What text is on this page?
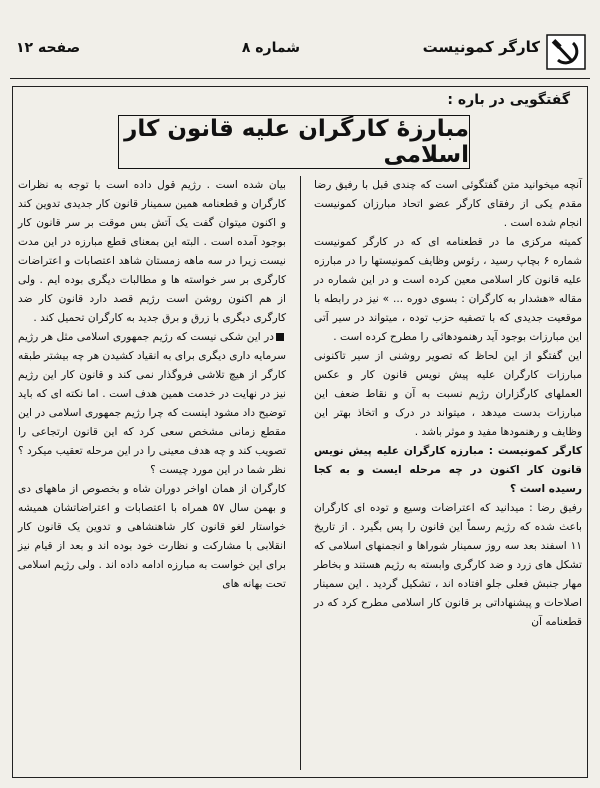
کارگر کمونیست
شماره ۸
صفحه ۱۲
گفتگویی در باره :
مبارزهٔ کارگران علیه قانون کار اسلامی

آنچه میخوانید متن گفتگوئی است که چندی قبل با رفیق رضا مقدم یکی از رفقای کارگر عضو اتحاد مبارزان کمونیست انجام شده است .

کمیته مرکزی ما در قطعنامه ای که در کارگر کمونیست شماره ۶ بچاپ رسید ، رئوس وظایف کمونیستها را در مبارزه علیه قانون کار اسلامی معین کرده است و در این شماره در مقاله «هشدار به کارگران : بسوی دوره ... » نیز در رابطه با موقعیت جدیدی که با تصفیه حزب توده ، میتواند در سیر آتی این مبارزات بوجود آید رهنمودهائی را مطرح کرده است .

این گفتگو از این لحاظ که تصویر روشنی از سیر تاکنونی مبارزات کارگران علیه پیش نویس قانون کار و عکس العملهای کارگزاران رژیم نسبت به آن و نقاط ضعف این مبارزات بدست میدهد ، میتواند در درک و اتخاذ بهتر این وظایف و رهنمودها مفید و موثر باشد .

کارگر کمونیست : مبارزه کارگران علیه پیش نویس قانون کار اکنون در چه مرحله ایست و به کجا رسیده است ؟

رفیق رضا : میدانید که اعتراضات وسیع و توده ای کارگران باعث شده که رژیم رسماً این قانون را پس بگیرد . از تاریخ ۱۱ اسفند بعد سه روز سمینار شوراها و انجمنهای اسلامی که تشکل های زرد و ضد کارگری وابسته به رژیم هستند و بخاطر مهار جنبش فعلی جلو افتاده اند ، تشکیل گردید . این سمینار اصلاحات و پیشنهاداتی بر قانون کار اسلامی مطرح کرد که در قطعنامه آن

بیان شده است . رژیم قول داده است با توجه به نظرات کارگران و قطعنامه همین سمینار قانون کار جدیدی تدوین کند و اکنون میتوان گفت یک آتش بس موقت بر سر قانون کار بوجود آمده است . البته این بمعنای قطع مبارزه در این مدت نیست زیرا در سه ماهه زمستان شاهد اعتصابات و اعتراضات کارگری بر سر خواسته ها و مطالبات دیگری بوده ایم . ولی از هم اکنون روشن است رژیم قصد دارد قانون کار ضد کارگری دیگری با زرق و برق جدید به کارگران تحمیل کند .

در این شکی نیست که رژیم جمهوری اسلامی مثل هر رژیم سرمایه داری دیگری برای به انقیاد کشیدن هر چه بیشتر طبقه کارگر از هیچ تلاشی فروگذار نمی کند و قانون کار این رژیم نیز در نهایت در خدمت همین هدف است . اما نکته ای که باید توضیح داد مشود اینست که چرا رژیم جمهوری اسلامی در این مقطع زمانی مشخص سعی کرد که این قانون ارتجاعی را تصویب کند و چه هدف معینی را در این مرحله تعقیب میکرد ؟ نظر شما در این مورد چیست ؟

کارگران از همان اواخر دوران شاه و بخصوص از ماههای دی و بهمن سال ۵۷ همراه با اعتصابات و اعتراضاتشان همیشه خواستار لغو قانون کار شاهنشاهی و تدوین یک قانون کار انقلابی با مشارکت و نظارت خود بوده اند و بعد از قیام نیز برای این خواست به مبارزه ادامه داده اند . ولی رژیم اسلامی تحت بهانه های
